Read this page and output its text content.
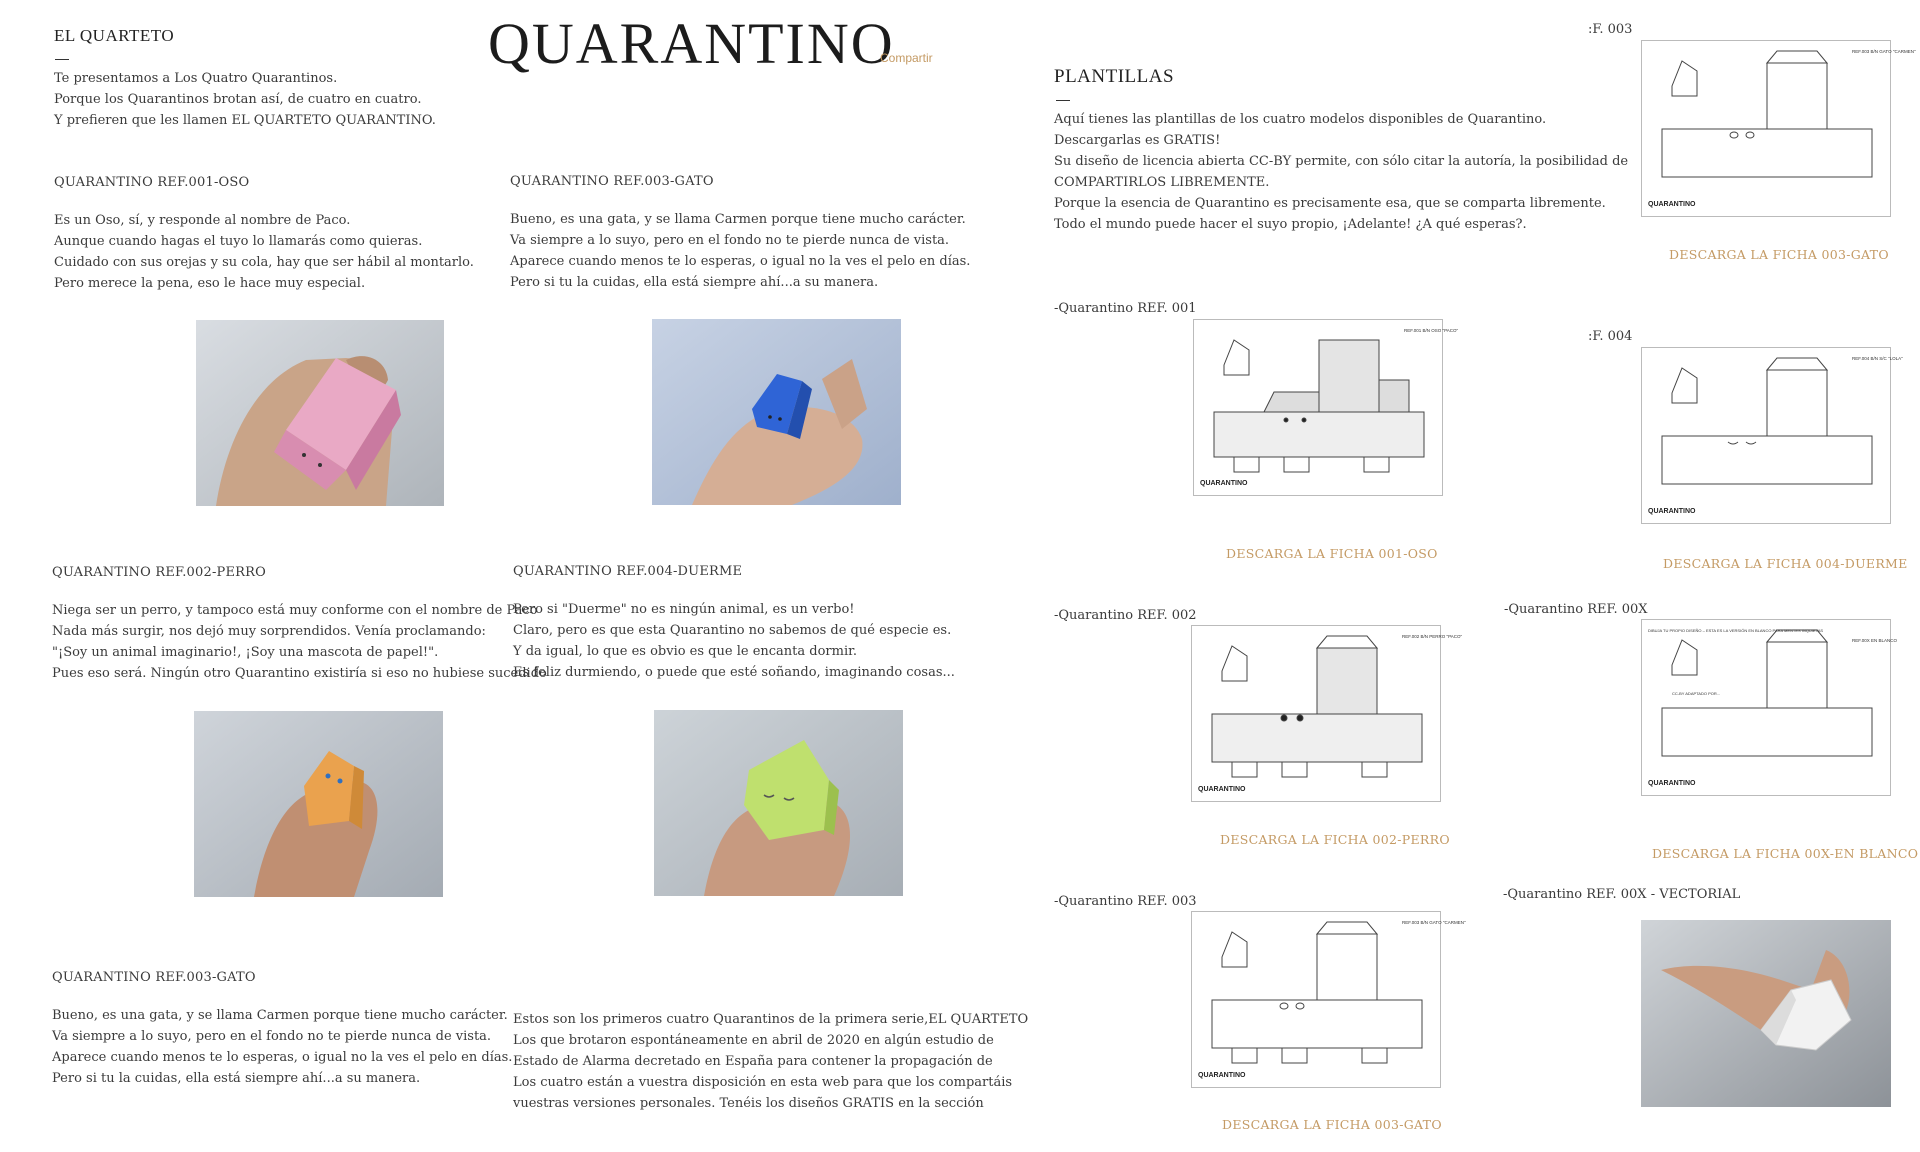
EL QUARTETO
Te presentamos a Los Quatro Quarantinos.
Porque los Quarantinos brotan así, de cuatro en cuatro.
Y prefieren que les llamen EL QUARTETO QUARANTINO.
QUARANTINO
Compartir
QUARANTINO REF.001-OSO
Es un Oso, sí, y responde al nombre de Paco.
Aunque cuando hagas el tuyo lo llamarás como quieras.
Cuidado con sus orejas y su cola, hay que ser hábil al montarlo.
Pero merece la pena, eso le hace muy especial.
QUARANTINO REF.003-GATO
Bueno, es una gata, y se llama Carmen porque tiene mucho carácter.
Va siempre a lo suyo, pero en el fondo no te pierde nunca de vista.
Aparece cuando menos te lo esperas, o igual no la ves el pelo en días.
Pero si tu la cuidas, ella está siempre ahí...a su manera.
QUARANTINO REF.002-PERRO
Niega ser un perro, y tampoco está muy conforme con el nombre de Paco
Nada más surgir, nos dejó muy sorprendidos. Venía proclamando:
"¡Soy un animal imaginario!, ¡Soy una mascota de papel!".
Pues eso será. Ningún otro Quarantino existiría si eso no hubiese sucedido
QUARANTINO REF.004-DUERME
Pero si "Duerme" no es ningún animal, es un verbo!
Claro, pero es que esta Quarantino no sabemos de qué especie es.
Y da igual, lo que es obvio es que le encanta dormir.
Es feliz durmiendo, o puede que esté soñando, imaginando cosas...
QUARANTINO REF.003-GATO
Bueno, es una gata, y se llama Carmen porque tiene mucho carácter.
Va siempre a lo suyo, pero en el fondo no te pierde nunca de vista.
Aparece cuando menos te lo esperas, o igual no la ves el pelo en días.
Pero si tu la cuidas, ella está siempre ahí...a su manera.
Estos son los primeros cuatro Quarantinos de la primera serie,EL QUARTETO
Los que brotaron espontáneamente en abril de 2020 en algún estudio de
Estado de Alarma decretado en España para contener la propagación de
Los cuatro están a vuestra disposición en esta web para que los compartáis
vuestras versiones personales. Tenéis los diseños GRATIS en la sección
PLANTILLAS
Aquí tienes las plantillas de los cuatro modelos disponibles de Quarantino.
Descargarlas es GRATIS!
Su diseño de licencia abierta CC-BY permite, con sólo citar la autoría, la posibilidad de
COMPARTIRLOS LIBREMENTE.
Porque la esencia de Quarantino es precisamente esa, que se comparta libremente.
Todo el mundo puede hacer el suyo propio, ¡Adelante! ¿A qué esperas?.
-Quarantino REF. 001
QUARANTINO
REF.001 B/N OSO "PACO"
DESCARGA LA FICHA 001-OSO
-Quarantino REF. 002
QUARANTINO
REF.002 B/N PERRO "PACO"
DESCARGA LA FICHA 002-PERRO
-Quarantino REF. 003
QUARANTINO
REF.003 B/N GATO "CARMEN"
DESCARGA LA FICHA 003-GATO
:F. 003
QUARANTINO
REF.003 B/N GATO "CARMEN"
DESCARGA LA FICHA 003-GATO
:F. 004
QUARANTINO
REF.004 B/N S/C "LOLA"
DESCARGA LA FICHA 004-DUERME
-Quarantino REF. 00X
DIBUJA TU PROPIO DISEÑO – ESTA ES LA VERSIÓN EN BLANCO PARA MENTES INQUIETAS
CC-BY ADAPTADO POR...
QUARANTINO
REF.00X EN BLANCO
DESCARGA LA FICHA 00X-EN BLANCO
-Quarantino REF. 00X - VECTORIAL
